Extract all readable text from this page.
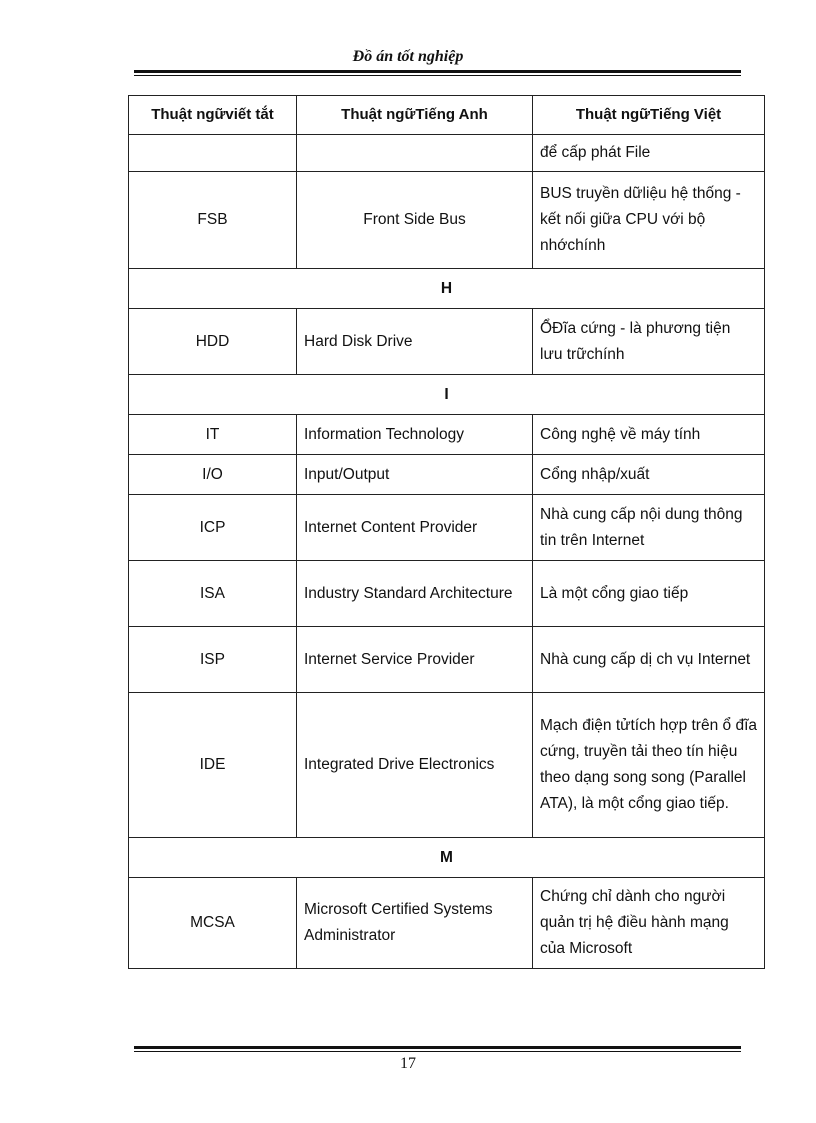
Đồ án tốt nghiệp
Thuật ngữviết tắt	Thuật ngữTiếng Anh	Thuật ngữTiếng Việt
		để cấp phát File
FSB	Front Side Bus	BUS truyền dữliệu hệ thống - kết nối giữa CPU với bộ nhớchính
H		
HDD	Hard Disk Drive	ỔĐĩa cứng - là phương tiện lưu trữchính
I		
IT	Information Technology	Công nghệ về máy tính
I/O	Input/Output	Cổng nhập/xuất
ICP	Internet Content Provider	Nhà cung cấp nội dung thông tin trên Internet
ISA	Industry Standard Architecture	Là một cổng giao tiếp
ISP	Internet Service Provider	Nhà cung cấp dị ch vụ Internet
IDE	Integrated Drive Electronics	Mạch điện tửtích hợp trên ổ đĩa cứng, truyền tải theo tín hiệu theo dạng song song (Parallel ATA), là một cổng giao tiếp.
M		
MCSA	Microsoft Certified Systems Administrator	Chứng chỉ dành cho người quản trị hệ điều hành mạng của Microsoft
17
